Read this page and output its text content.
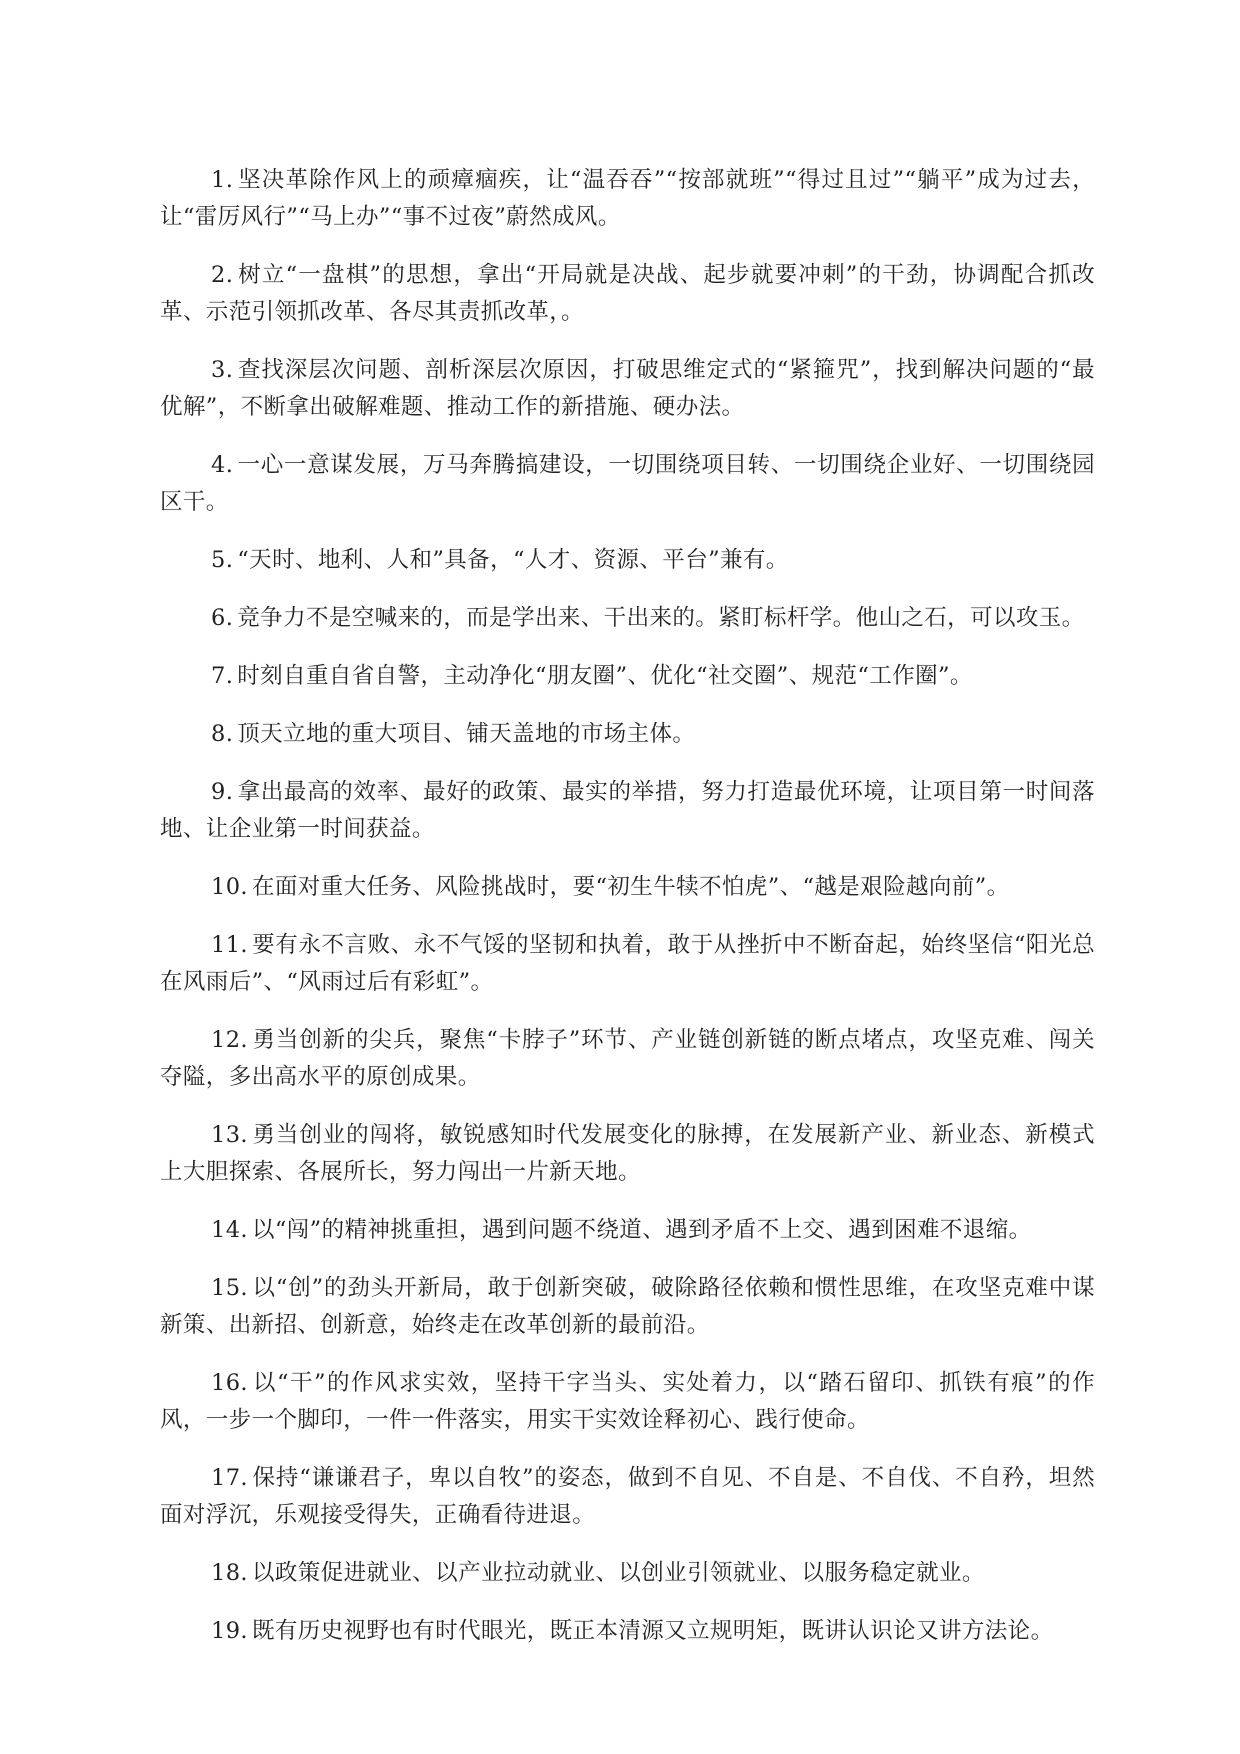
1. 坚决革除作风上的顽瘴痼疾，让“温吞吞”“按部就班”“得过且过”“躺平”成为过去，让“雷厉风行”“马上办”“事不过夜”蔚然成风。

2. 树立“一盘棋”的思想，拿出“开局就是决战、起步就要冲刺”的干劲，协调配合抓改革、示范引领抓改革、各尽其责抓改革，。

3. 查找深层次问题、剖析深层次原因，打破思维定式的“紧箍咒”，找到解决问题的“最优解”，不断拿出破解难题、推动工作的新措施、硬办法。

4. 一心一意谋发展，万马奔腾搞建设，一切围绕项目转、一切围绕企业好、一切围绕园区干。

5. “天时、地利、人和”具备，“人才、资源、平台”兼有。

6. 竞争力不是空喊来的，而是学出来、干出来的。紧盯标杆学。他山之石，可以攻玉。

7. 时刻自重自省自警，主动净化“朋友圈”、优化“社交圈”、规范“工作圈”。

8. 顶天立地的重大项目、铺天盖地的市场主体。

9. 拿出最高的效率、最好的政策、最实的举措，努力打造最优环境，让项目第一时间落地、让企业第一时间获益。

10. 在面对重大任务、风险挑战时，要“初生牛犊不怕虎”、“越是艰险越向前”。

11. 要有永不言败、永不气馁的坚韧和执着，敢于从挫折中不断奋起，始终坚信“阳光总在风雨后”、“风雨过后有彩虹”。

12. 勇当创新的尖兵，聚焦“卡脖子”环节、产业链创新链的断点堵点，攻坚克难、闯关夺隘，多出高水平的原创成果。

13. 勇当创业的闯将，敏锐感知时代发展变化的脉搏，在发展新产业、新业态、新模式上大胆探索、各展所长，努力闯出一片新天地。

14. 以“闯”的精神挑重担，遇到问题不绕道、遇到矛盾不上交、遇到困难不退缩。

15. 以“创”的劲头开新局，敢于创新突破，破除路径依赖和惯性思维，在攻坚克难中谋新策、出新招、创新意，始终走在改革创新的最前沿。

16. 以“干”的作风求实效，坚持干字当头、实处着力，以“踏石留印、抓铁有痕”的作风，一步一个脚印，一件一件落实，用实干实效诠释初心、践行使命。

17. 保持“谦谦君子，卑以自牧”的姿态，做到不自见、不自是、不自伐、不自矜，坦然面对浮沉，乐观接受得失，正确看待进退。

18. 以政策促进就业、以产业拉动就业、以创业引领就业、以服务稳定就业。

19. 既有历史视野也有时代眼光，既正本清源又立规明矩，既讲认识论又讲方法论。
